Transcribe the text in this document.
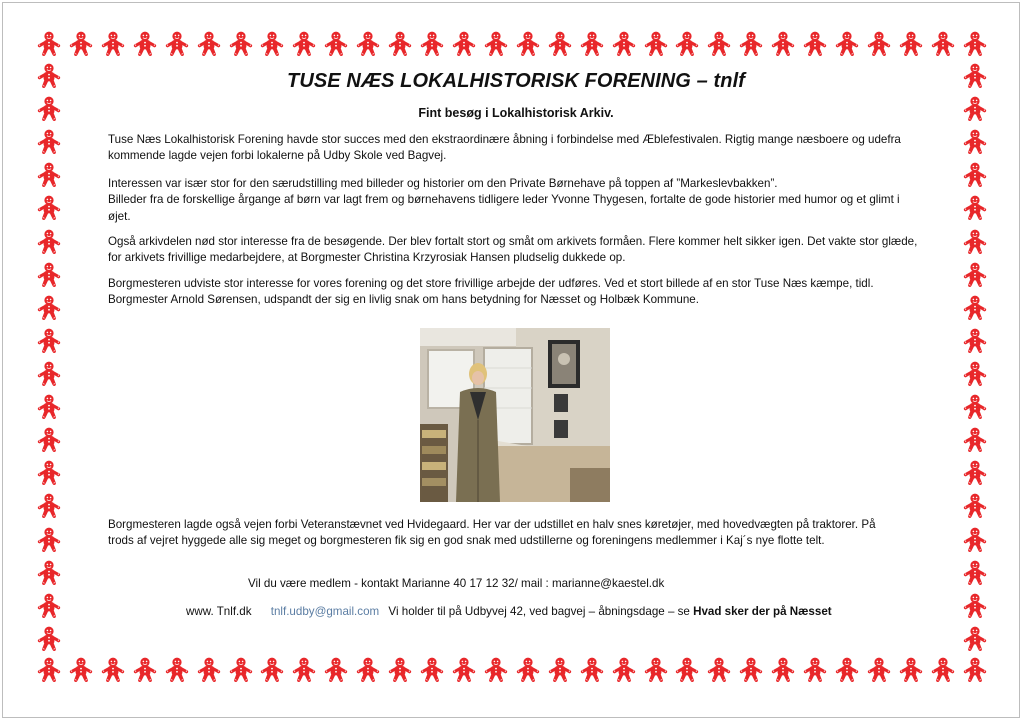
TUSE NÆS LOKALHISTORISK FORENING – tnlf
Fint besøg i Lokalhistorisk Arkiv.

Tuse Næs Lokalhistorisk Forening havde stor succes med den ekstraordinære åbning i forbindelse med Æblefestivalen. Rigtig mange næsboere og udefra kommende lagde vejen forbi lokalerne på Udby Skole ved Bagvej.

Interessen var især stor for den særudstilling med billeder og historier om den Private Børnehave på toppen af ”Markeslevbakken”.
Billeder fra de forskellige årgange af børn var lagt frem og børnehavens tidligere leder Yvonne Thygesen, fortalte de gode historier med humor og et glimt i øjet.

Også arkivdelen nød stor interesse fra de besøgende. Der blev fortalt stort og småt om arkivets formåen. Flere kommer helt sikker igen. Det vakte stor glæde, for arkivets frivillige medarbejdere, at Borgmester Christina Krzyrosiak Hansen pludselig dukkede op.

Borgmesteren udviste stor interesse for vores forening og det store frivillige arbejde der udføres. Ved et stort billede af en stor Tuse Næs kæmpe, tidl. Borgmester Arnold Sørensen, udspandt der sig en livlig snak om hans betydning for Næsset og Holbæk Kommune.

Borgmesteren lagde også vejen forbi Veteranstævnet ved Hvidegaard. Her var der udstillet en halv snes køretøjer, med hovedvægten på traktorer. På trods af vejret hyggede alle sig meget og borgmesteren fik sig en god snak med udstillerne og foreningens medlemmer i Kaj´s nye flotte telt.

Vil du være medlem - kontakt Marianne 40 17 12 32/ mail : marianne@kaestel.dk
www. Tnlf.dk tnlf.udby@gmail.com Vi holder til på Udbyvej 42, ved bagvej – åbningsdage – se Hvad sker der på Næsset
